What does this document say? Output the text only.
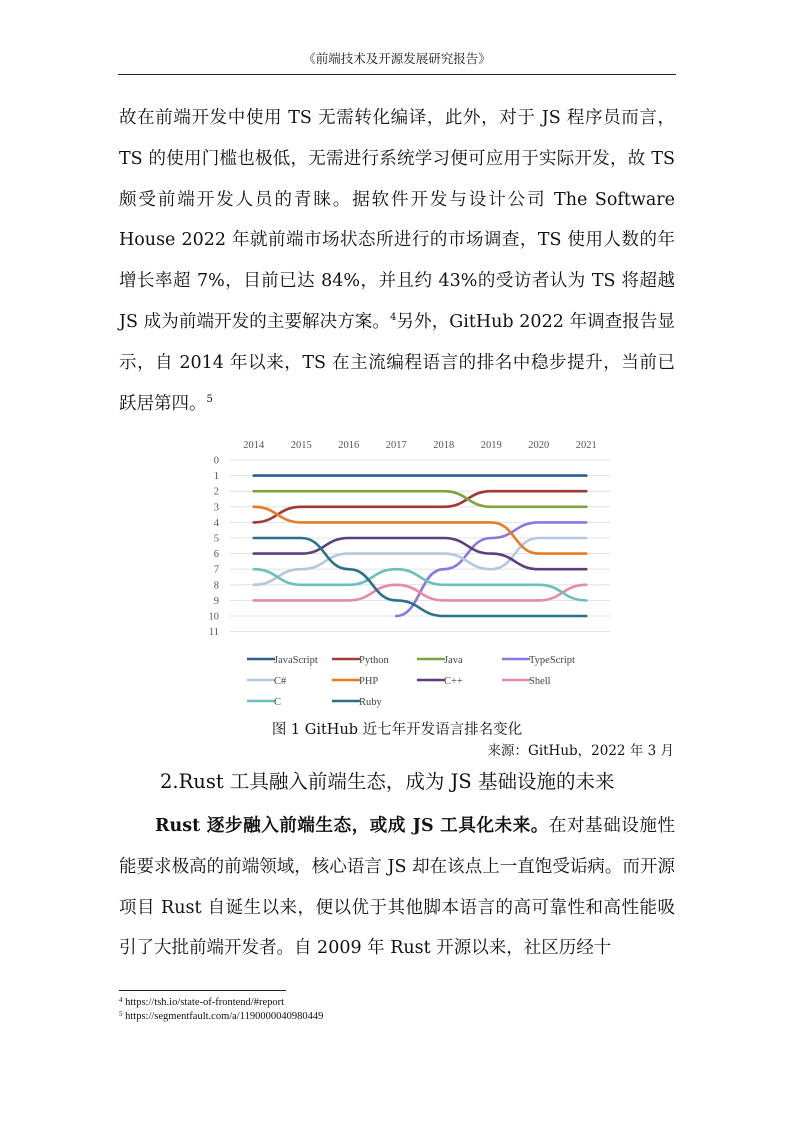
《前端技术及开源发展研究报告》

故在前端开发中使用 TS 无需转化编译，此外，对于 JS 程序员而言，TS 的使用门槛也极低，无需进行系统学习便可应用于实际开发，故 TS 颇受前端开发人员的青睐。据软件开发与设计公司 The Software House 2022 年就前端市场状态所进行的市场调查，TS 使用人数的年增长率超 7%，目前已达 84%，并且约 43%的受访者认为 TS 将超越 JS 成为前端开发的主要解决方案。$^4$另外，GitHub 2022 年调查报告显示，自 2014 年以来，TS 在主流编程语言的排名中稳步提升，当前已跃居第四。$^5$

0
1
2
3
4
5
6
7
8
9
10
11
2014	2015	2016	2017	2018	2019	2020	2021
JavaScript	Python	Java	TypeScript
C#	PHP	C++	Shell
C	Ruby
图 1 GitHub 近七年开发语言排名变化
来源：GitHub，2022 年 3 月
2.Rust 工具融入前端生态，成为 JS 基础设施的未来

Rust 逐步融入前端生态，或成 JS 工具化未来。在对基础设施性能要求极高的前端领域，核心语言 JS 却在该点上一直饱受诟病。而开源项目 Rust 自诞生以来，便以优于其他脚本语言的高可靠性和高性能吸引了大批前端开发者。自 2009 年 Rust 开源以来，社区历经十

$^4$ https://tsh.io/state-of-frontend/#report
$^5$ https://segmentfault.com/a/1190000040980449
